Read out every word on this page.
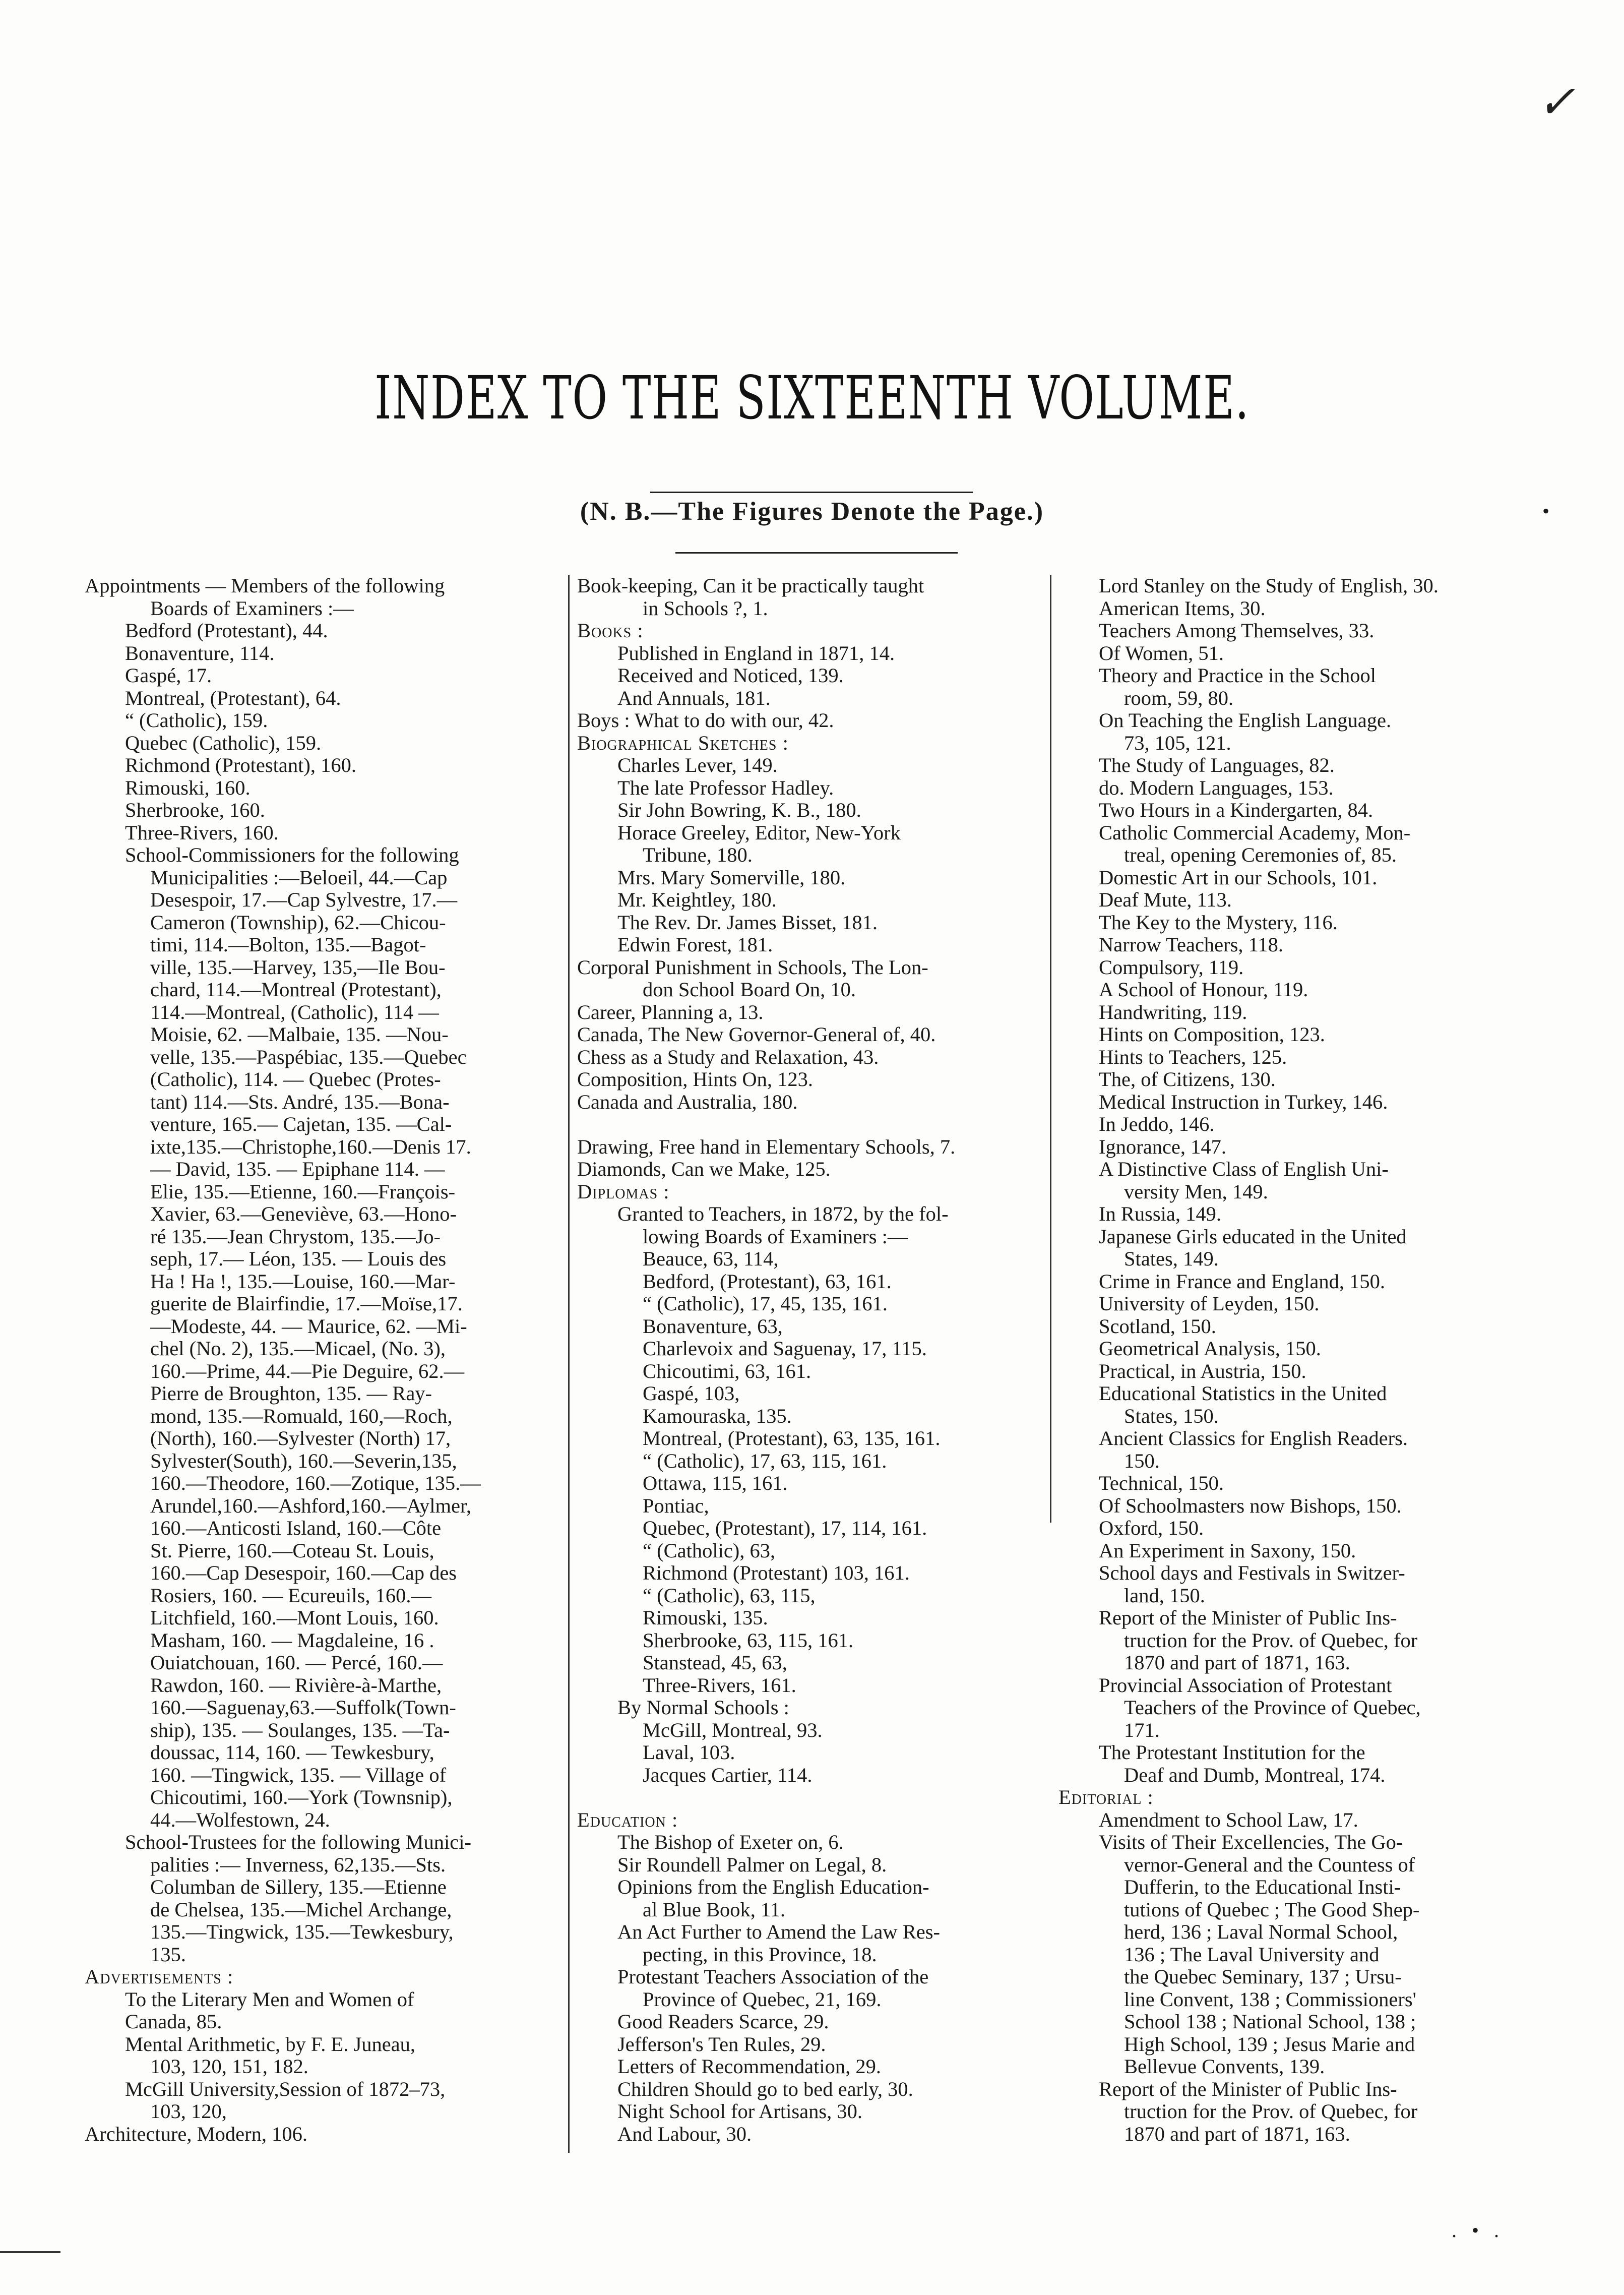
✓
INDEX TO THE SIXTEENTH VOLUME.
(N. B.—The Figures Denote the Page.)	•
Appointments — Members of the following
Boards of Examiners :—
Bedford (Protestant), 44.
Bonaventure, 114.
Gaspé, 17.
Montreal, (Protestant), 64.
“ (Catholic), 159.
Quebec (Catholic), 159.
Richmond (Protestant), 160.
Rimouski, 160.
Sherbrooke, 160.
Three-Rivers, 160.
School-Commissioners for the following
Municipalities :—Beloeil, 44.—Cap
Desespoir, 17.—Cap Sylvestre, 17.—
Cameron (Township), 62.—Chicou-
timi, 114.—Bolton, 135.—Bagot-
ville, 135.—Harvey, 135,—Ile Bou-
chard, 114.—Montreal (Protestant),
114.—Montreal, (Catholic), 114 —
Moisie, 62. —Malbaie, 135. —Nou-
velle, 135.—Paspébiac, 135.—Quebec
(Catholic), 114. — Quebec (Protes-
tant) 114.—Sts. André, 135.—Bona-
venture, 165.— Cajetan, 135. —Cal-
ixte,135.—Christophe,160.—Denis 17.
— David, 135. — Epiphane 114. —
Elie, 135.—Etienne, 160.—François-
Xavier, 63.—Geneviève, 63.—Hono-
ré 135.—Jean Chrystom, 135.—Jo-
seph, 17.— Léon, 135. — Louis des
Ha ! Ha !, 135.—Louise, 160.—Mar-
guerite de Blairfindie, 17.—Moïse,17.
—Modeste, 44. — Maurice, 62. —Mi-
chel (No. 2), 135.—Micael, (No. 3),
160.—Prime, 44.—Pie Deguire, 62.—
Pierre de Broughton, 135. — Ray-
mond, 135.—Romuald, 160,—Roch,
(North), 160.—Sylvester (North) 17,
Sylvester(South), 160.—Severin,135,
160.—Theodore, 160.—Zotique, 135.—
Arundel,160.—Ashford,160.—Aylmer,
160.—Anticosti Island, 160.—Côte
St. Pierre, 160.—Coteau St. Louis,
160.—Cap Desespoir, 160.—Cap des
Rosiers, 160. — Ecureuils, 160.—
Litchfield, 160.—Mont Louis, 160.
Masham, 160. — Magdaleine, 16 .
Ouiatchouan, 160. — Percé, 160.—
Rawdon, 160. — Rivière-à-Marthe,
160.—Saguenay,63.—Suffolk(Town-
ship), 135. — Soulanges, 135. —Ta-
doussac, 114, 160. — Tewkesbury,
160. —Tingwick, 135. — Village of
Chicoutimi, 160.—York (Townsnip),
44.—Wolfestown, 24.
School-Trustees for the following Munici-
palities :— Inverness, 62,135.—Sts.
Columban de Sillery, 135.—Etienne
de Chelsea, 135.—Michel Archange,
135.—Tingwick, 135.—Tewkesbury,
135.
Advertisements :
To the Literary Men and Women of
Canada, 85.
Mental Arithmetic, by F. E. Juneau,
103, 120, 151, 182.
McGill University,Session of 1872–73,
103, 120,
Architecture, Modern, 106.
Book-keeping, Can it be practically taught
in Schools ?, 1.
Books :
Published in England in 1871, 14.
Received and Noticed, 139.
And Annuals, 181.
Boys : What to do with our, 42.
Biographical Sketches :
Charles Lever, 149.
The late Professor Hadley.
Sir John Bowring, K. B., 180.
Horace Greeley, Editor, New-York
Tribune, 180.
Mrs. Mary Somerville, 180.
Mr. Keightley, 180.
The Rev. Dr. James Bisset, 181.
Edwin Forest, 181.
Corporal Punishment in Schools, The Lon-
don School Board On, 10.
Career, Planning a, 13.
Canada, The New Governor-General of, 40.
Chess as a Study and Relaxation, 43.
Composition, Hints On, 123.
Canada and Australia, 180.
Drawing, Free hand in Elementary Schools, 7.
Diamonds, Can we Make, 125.
Diplomas :
Granted to Teachers, in 1872, by the fol-
lowing Boards of Examiners :—
Beauce, 63, 114,
Bedford, (Protestant), 63, 161.
“ (Catholic), 17, 45, 135, 161.
Bonaventure, 63,
Charlevoix and Saguenay, 17, 115.
Chicoutimi, 63, 161.
Gaspé, 103,
Kamouraska, 135.
Montreal, (Protestant), 63, 135, 161.
“ (Catholic), 17, 63, 115, 161.
Ottawa, 115, 161.
Pontiac,
Quebec, (Protestant), 17, 114, 161.
“ (Catholic), 63,
Richmond (Protestant) 103, 161.
“ (Catholic), 63, 115,
Rimouski, 135.
Sherbrooke, 63, 115, 161.
Stanstead, 45, 63,
Three-Rivers, 161.
By Normal Schools :
McGill, Montreal, 93.
Laval, 103.
Jacques Cartier, 114.
Education :
The Bishop of Exeter on, 6.
Sir Roundell Palmer on Legal, 8.
Opinions from the English Education-
al Blue Book, 11.
An Act Further to Amend the Law Res-
pecting, in this Province, 18.
Protestant Teachers Association of the
Province of Quebec, 21, 169.
Good Readers Scarce, 29.
Jefferson's Ten Rules, 29.
Letters of Recommendation, 29.
Children Should go to bed early, 30.
Night School for Artisans, 30.
And Labour, 30.
Lord Stanley on the Study of English, 30.
American Items, 30.
Teachers Among Themselves, 33.
Of Women, 51.
Theory and Practice in the School
room, 59, 80.
On Teaching the English Language.
73, 105, 121.
The Study of Languages, 82.
do. Modern Languages, 153.
Two Hours in a Kindergarten, 84.
Catholic Commercial Academy, Mon-
treal, opening Ceremonies of, 85.
Domestic Art in our Schools, 101.
Deaf Mute, 113.
The Key to the Mystery, 116.
Narrow Teachers, 118.
Compulsory, 119.
A School of Honour, 119.
Handwriting, 119.
Hints on Composition, 123.
Hints to Teachers, 125.
The, of Citizens, 130.
Medical Instruction in Turkey, 146.
In Jeddo, 146.
Ignorance, 147.
A Distinctive Class of English Uni-
versity Men, 149.
In Russia, 149.
Japanese Girls educated in the United
States, 149.
Crime in France and England, 150.
University of Leyden, 150.
Scotland, 150.
Geometrical Analysis, 150.
Practical, in Austria, 150.
Educational Statistics in the United
States, 150.
Ancient Classics for English Readers.
150.
Technical, 150.
Of Schoolmasters now Bishops, 150.
Oxford, 150.
An Experiment in Saxony, 150.
School days and Festivals in Switzer-
land, 150.
Report of the Minister of Public Ins-
truction for the Prov. of Quebec, for
1870 and part of 1871, 163.
Provincial Association of Protestant
Teachers of the Province of Quebec,
171.
The Protestant Institution for the
Deaf and Dumb, Montreal, 174.
Editorial :
Amendment to School Law, 17.
Visits of Their Excellencies, The Go-
vernor-General and the Countess of
Dufferin, to the Educational Insti-
tutions of Quebec ; The Good Shep-
herd, 136 ; Laval Normal School,
136 ; The Laval University and
the Quebec Seminary, 137 ; Ursu-
line Convent, 138 ; Commissioners'
School 138 ; National School, 138 ;
High School, 139 ; Jesus Marie and
Bellevue Convents, 139.
Report of the Minister of Public Ins-
truction for the Prov. of Quebec, for
1870 and part of 1871, 163.
. • .
